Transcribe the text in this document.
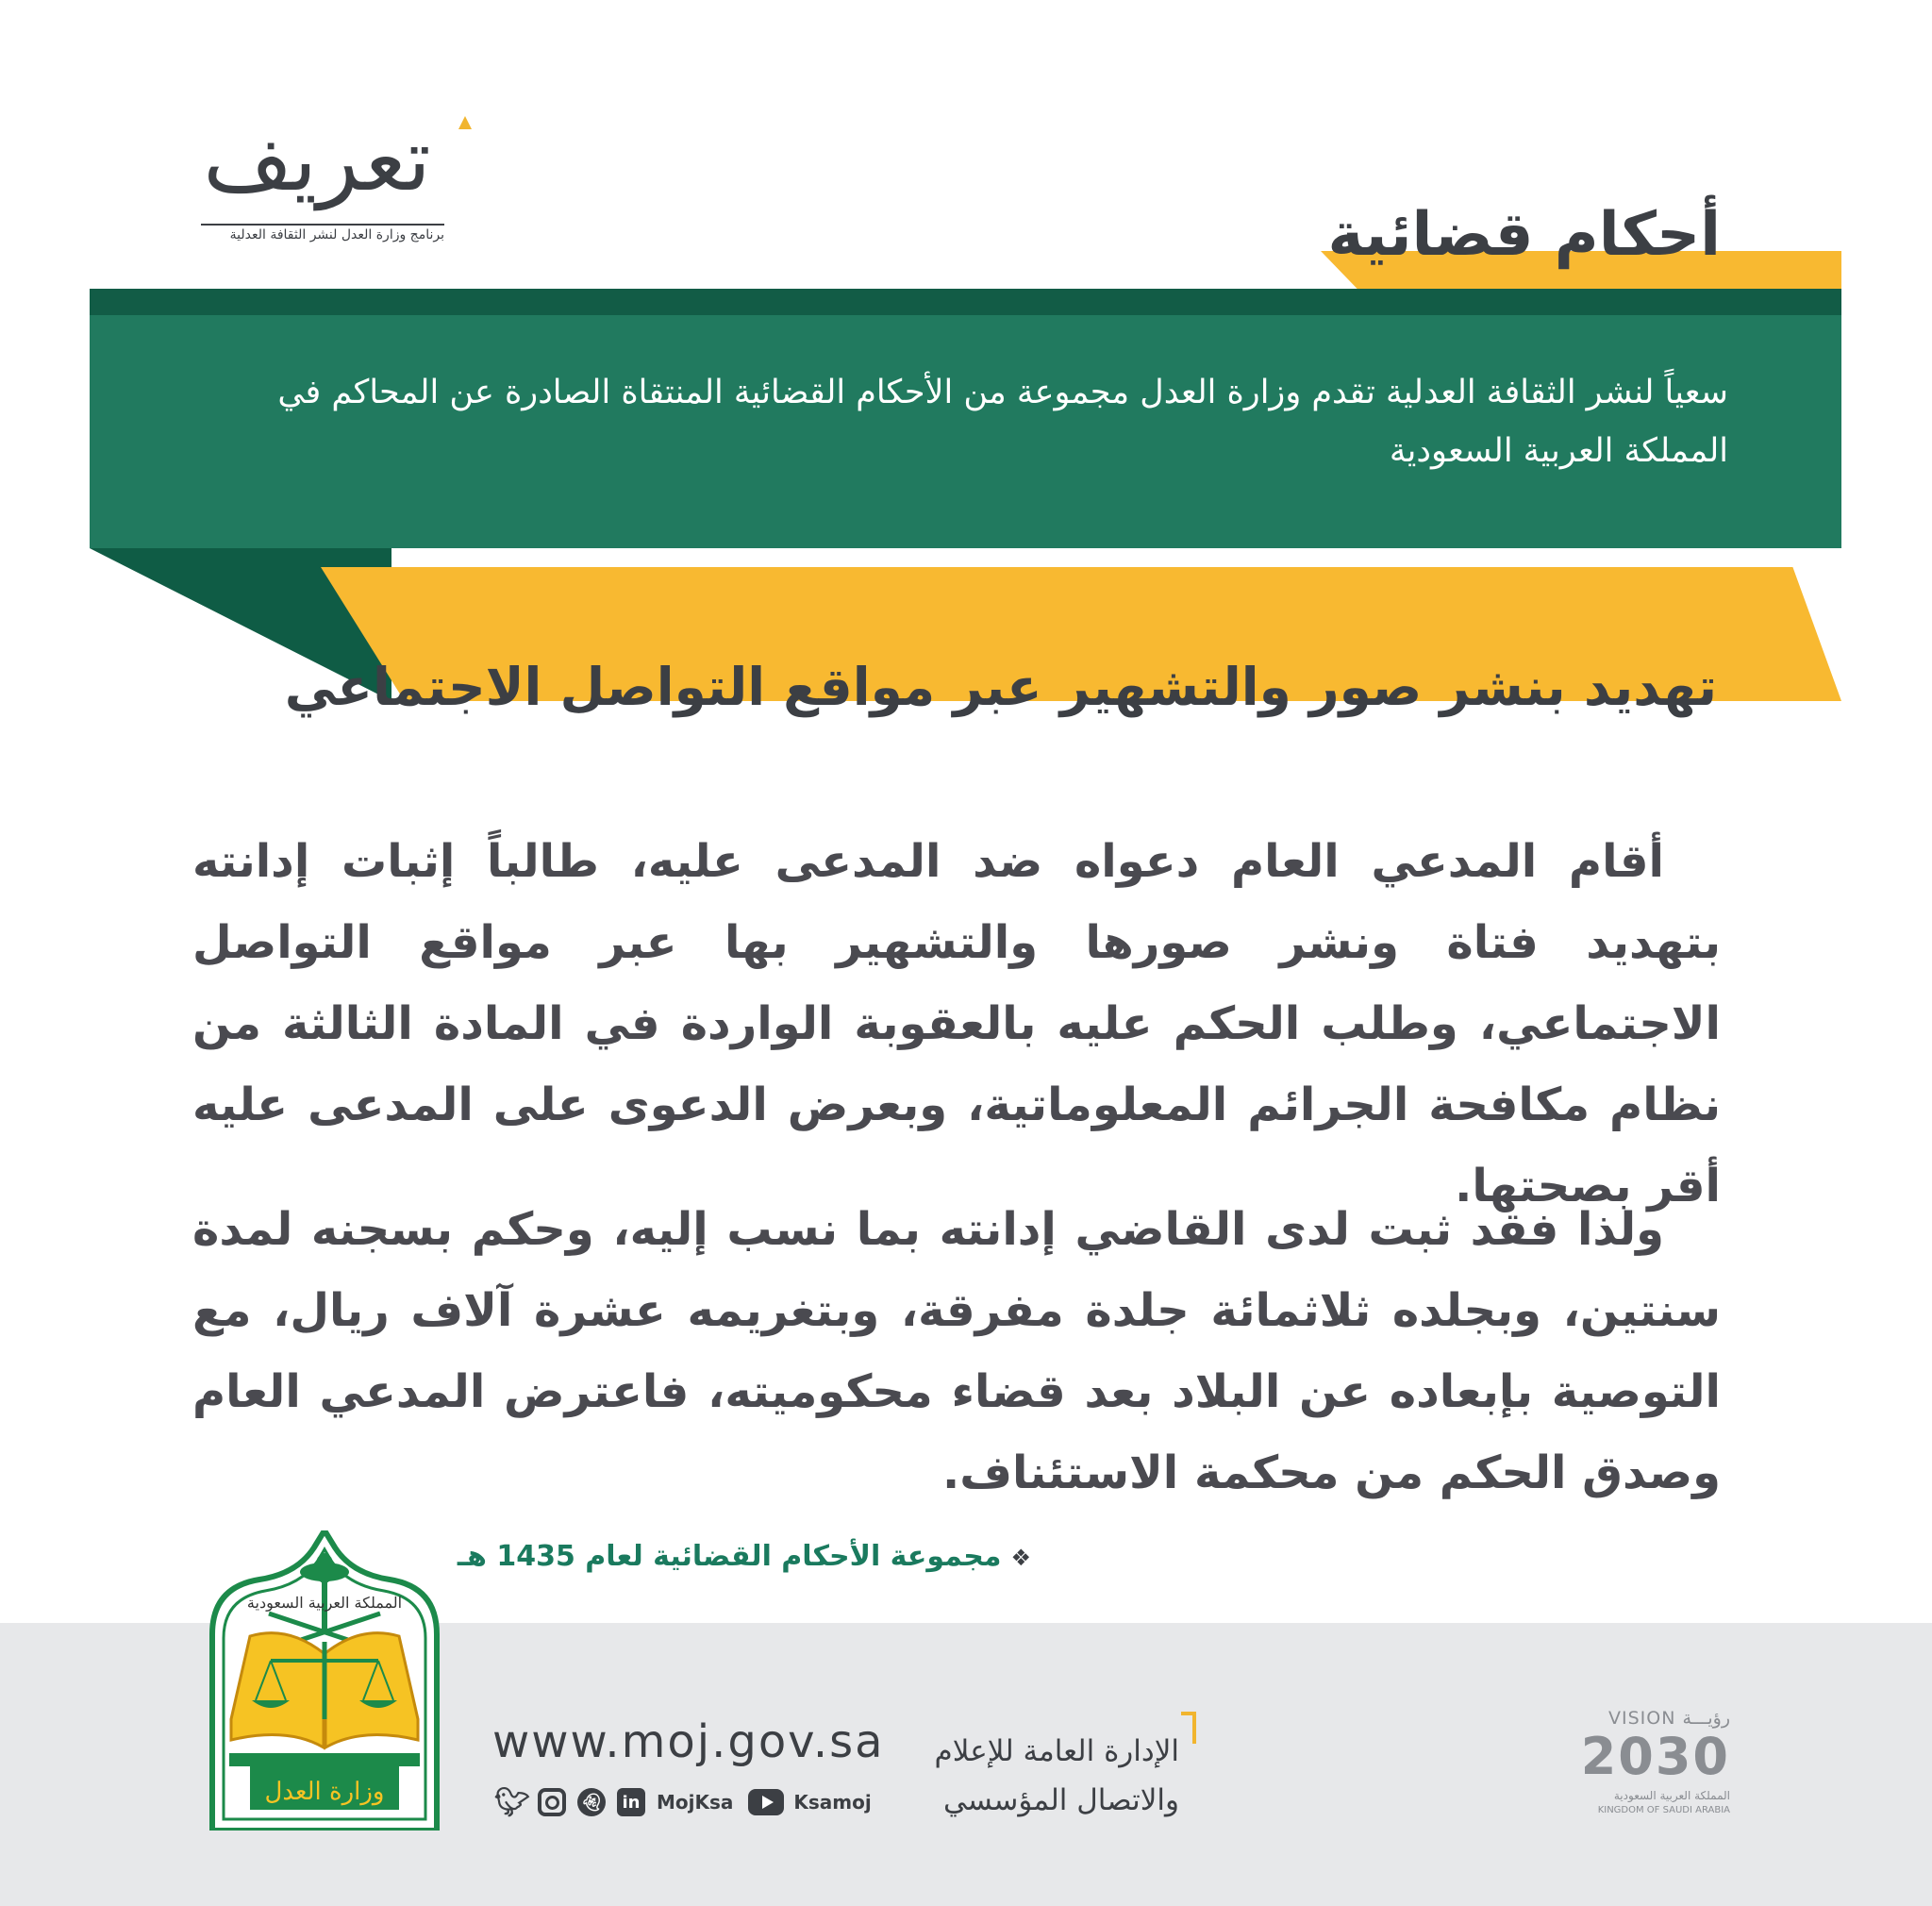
تعريف
برنامج وزارة العدل لنشر الثقافة العدلية	أحكام قضائية
سعياً لنشر الثقافة العدلية تقدم وزارة العدل مجموعة من الأحكام القضائية المنتقاة الصادرة عن المحاكم في المملكة العربية السعودية
تهديد بنشر صور والتشهير عبر مواقع التواصل الاجتماعي
أقام المدعي العام دعواه ضد المدعى عليه، طالباً إثبات إدانته بتهديد فتاة ونشر صورها والتشهير بها عبر مواقع التواصل الاجتماعي، وطلب الحكم عليه بالعقوبة الواردة في المادة الثالثة من نظام مكافحة الجرائم المعلوماتية، وبعرض الدعوى على المدعى عليه أقر بصحتها.
ولذا فقد ثبت لدى القاضي إدانته بما نسب إليه، وحكم بسجنه لمدة سنتين، وبجلده ثلاثمائة جلدة مفرقة، وبتغريمه عشرة آلاف ريال، مع التوصية بإبعاده عن البلاد بعد قضاء محكوميته، فاعترض المدعي العام وصدق الحكم من محكمة الاستئناف.
❖مجموعة الأحكام القضائية لعام 1435 هـ
المملكة العربية السعودية
وزارة العدل
www.moj.gov.sa
🐦︎	👻︎	in MojKsa	Ksamoj
الإدارة العامة للإعلام
والاتصال المؤسسي
VISION رؤيـــة
2030
المملكة العربية السعودية
KINGDOM OF SAUDI ARABIA
